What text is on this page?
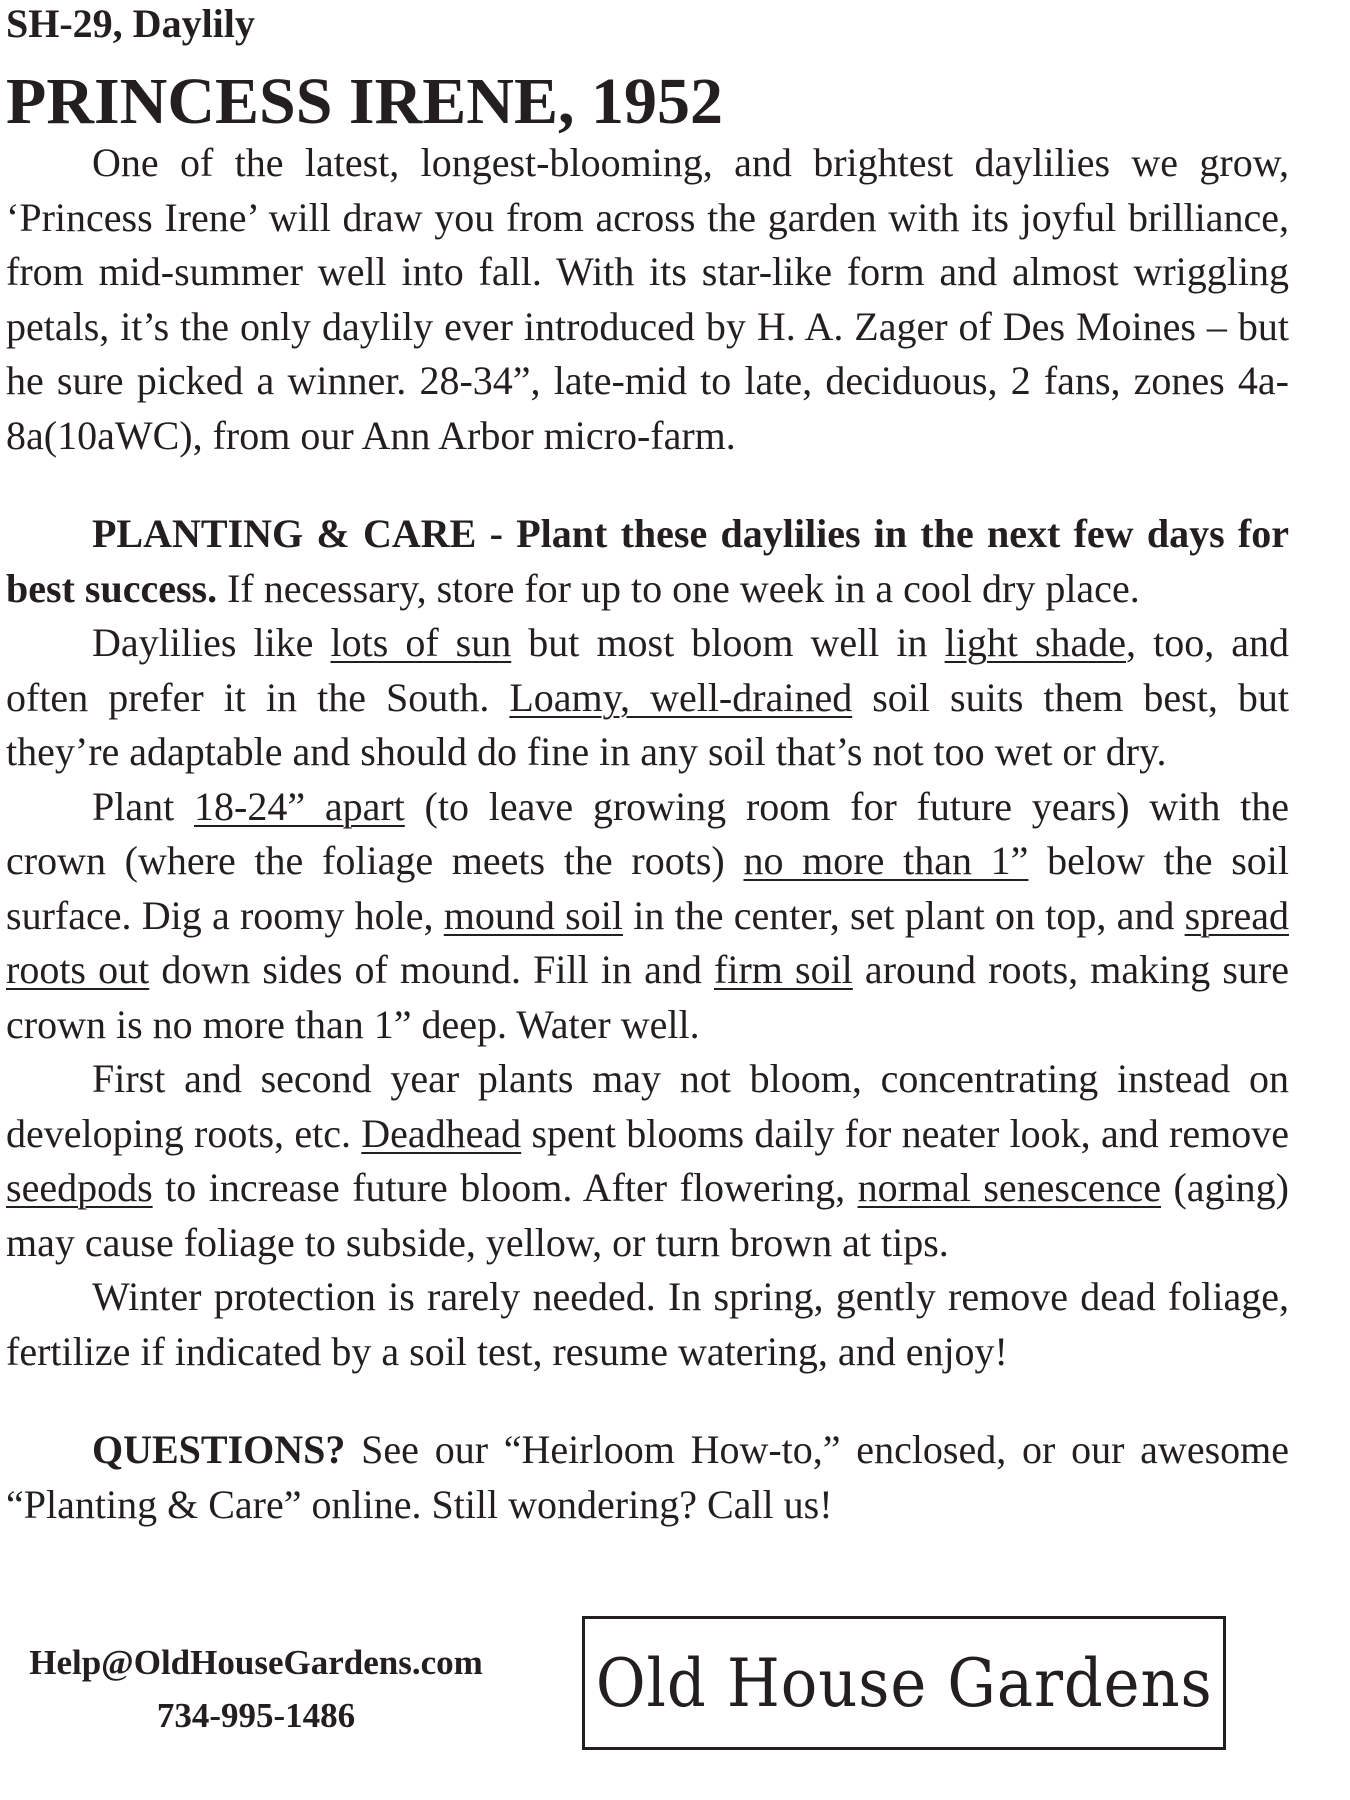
SH-29, Daylily
PRINCESS IRENE, 1952

One of the latest, longest-blooming, and brightest daylilies we grow, ‘Princess Irene’ will draw you from across the garden with its joyful brilliance, from mid-summer well into fall. With its star-like form and almost wriggling petals, it’s the only daylily ever introduced by H. A. Zager of Des Moines – but he sure picked a winner. 28-34”, late-mid to late, deciduous, 2 fans, zones 4a-8a(10aWC), from our Ann Arbor micro-farm.

PLANTING & CARE - Plant these daylilies in the next few days for best success. If necessary, store for up to one week in a cool dry place.

Daylilies like lots of sun but most bloom well in light shade, too, and often prefer it in the South. Loamy, well-drained soil suits them best, but they’re adaptable and should do fine in any soil that’s not too wet or dry.

Plant 18-24” apart (to leave growing room for future years) with the crown (where the foliage meets the roots) no more than 1” below the soil surface. Dig a roomy hole, mound soil in the center, set plant on top, and spread roots out down sides of mound. Fill in and firm soil around roots, making sure crown is no more than 1” deep. Water well.

First and second year plants may not bloom, concentrating instead on developing roots, etc. Deadhead spent blooms daily for neater look, and remove seedpods to increase future bloom. After flowering, normal senescence (aging) may cause foliage to subside, yellow, or turn brown at tips.

Winter protection is rarely needed. In spring, gently remove dead foliage, fertilize if indicated by a soil test, resume watering, and enjoy!

QUESTIONS? See our “Heirloom How-to,” enclosed, or our awesome “Planting & Care” online. Still wondering? Call us!

Help@OldHouseGardens.com
734-995-1486	Old House Gardens
